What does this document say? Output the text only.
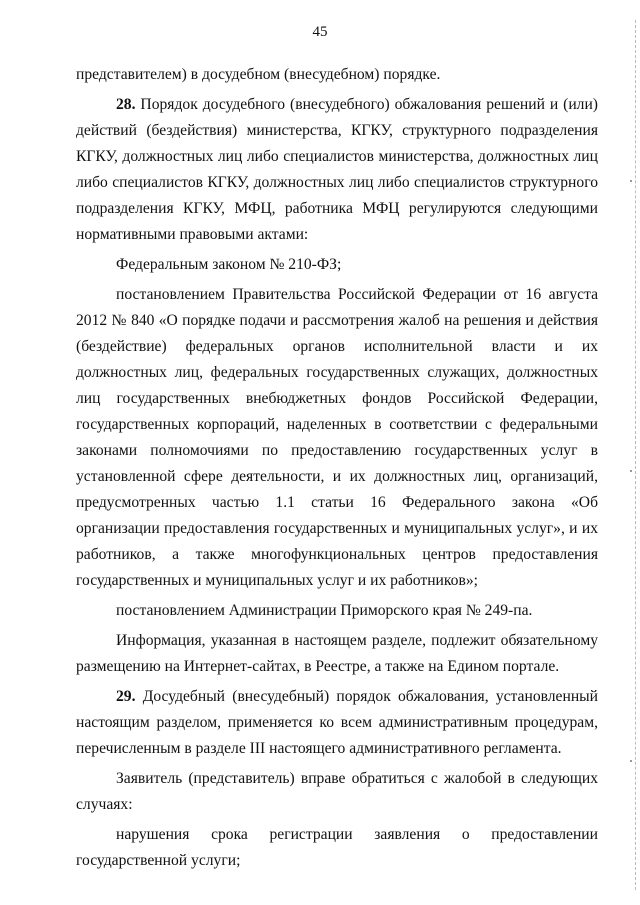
45

представителем) в досудебном (внесудебном) порядке.

28. Порядок досудебного (внесудебного) обжалования решений и (или) действий (бездействия) министерства, КГКУ, структурного подразделения КГКУ, должностных лиц либо специалистов министерства, должностных лиц либо специалистов КГКУ, должностных лиц либо специалистов структурного подразделения КГКУ, МФЦ, работника МФЦ регулируются следующими нормативными правовыми актами:

Федеральным законом № 210-ФЗ;

постановлением Правительства Российской Федерации от 16 августа 2012 № 840 «О порядке подачи и рассмотрения жалоб на решения и действия (бездействие) федеральных органов исполнительной власти и их должностных лиц, федеральных государственных служащих, должностных лиц государственных внебюджетных фондов Российской Федерации, государственных корпораций, наделенных в соответствии с федеральными законами полномочиями по предоставлению государственных услуг в установленной сфере деятельности, и их должностных лиц, организаций, предусмотренных частью 1.1 статьи 16 Федерального закона «Об организации предоставления государственных и муниципальных услуг», и их работников, а также многофункциональных центров предоставления государственных и муниципальных услуг и их работников»;

постановлением Администрации Приморского края № 249-па.

Информация, указанная в настоящем разделе, подлежит обязательному размещению на Интернет-сайтах, в Реестре, а также на Едином портале.

29. Досудебный (внесудебный) порядок обжалования, установленный настоящим разделом, применяется ко всем административным процедурам, перечисленным в разделе III настоящего административного регламента.

Заявитель (представитель) вправе обратиться с жалобой в следующих случаях:

нарушения срока регистрации заявления о предоставлении государственной услуги;
